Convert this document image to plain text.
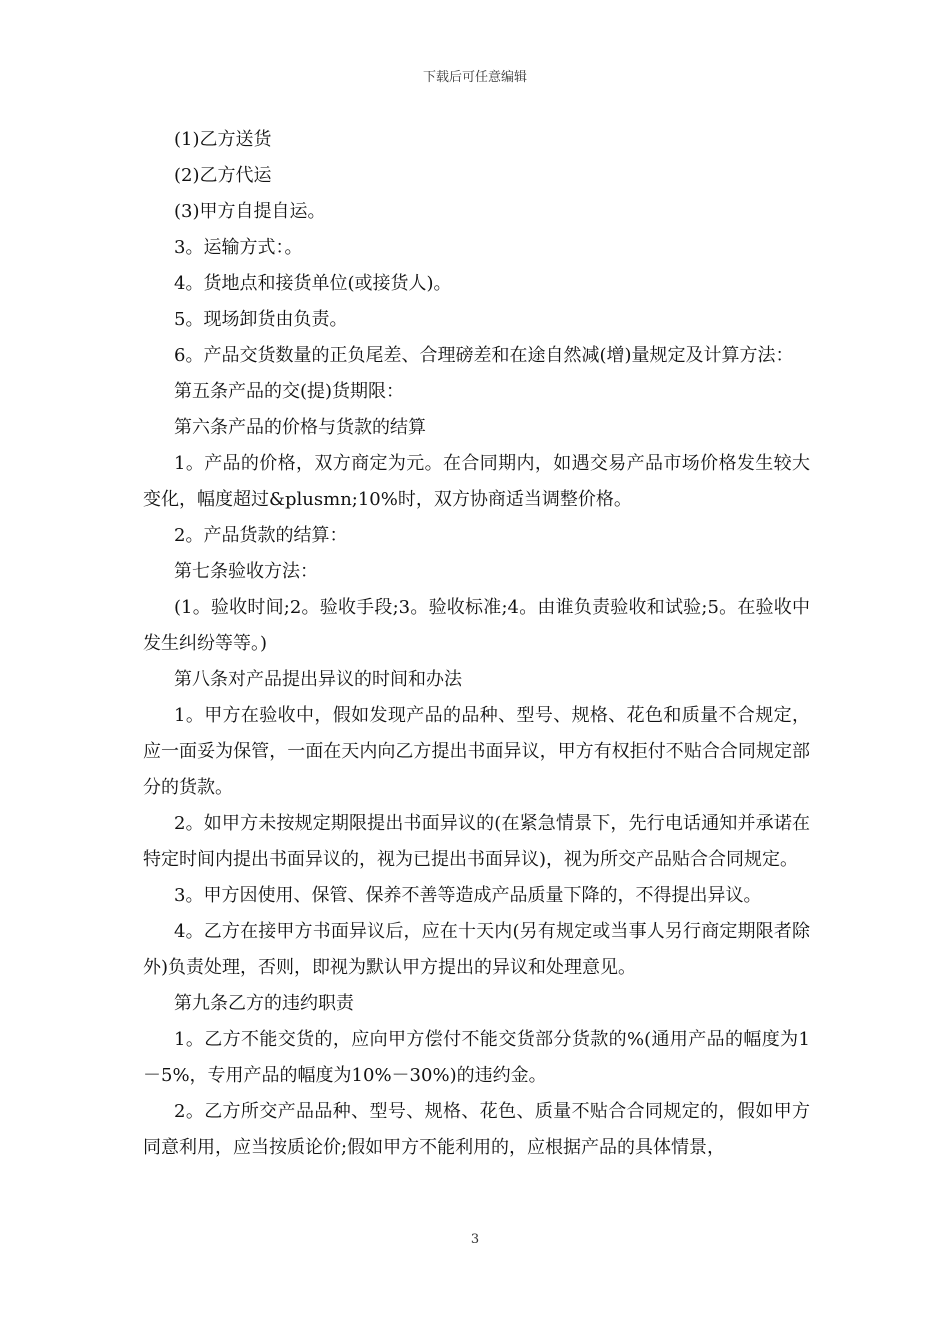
下载后可任意编辑

(1)乙方送货

(2)乙方代运

(3)甲方自提自运。

3。运输方式：。

4。货地点和接货单位(或接货人)。

5。现场卸货由负责。

6。产品交货数量的正负尾差、合理磅差和在途自然减(增)量规定及计算方法：

第五条产品的交(提)货期限：

第六条产品的价格与货款的结算

1。产品的价格，双方商定为元。在合同期内，如遇交易产品市场价格发生较大变化，幅度超过&plusmn;10%时，双方协商适当调整价格。

2。产品货款的结算：

第七条验收方法：

(1。验收时间;2。验收手段;3。验收标准;4。由谁负责验收和试验;5。在验收中发生纠纷等等。)

第八条对产品提出异议的时间和办法

1。甲方在验收中，假如发现产品的品种、型号、规格、花色和质量不合规定，应一面妥为保管，一面在天内向乙方提出书面异议，甲方有权拒付不贴合合同规定部分的货款。

2。如甲方未按规定期限提出书面异议的(在紧急情景下，先行电话通知并承诺在特定时间内提出书面异议的，视为已提出书面异议)，视为所交产品贴合合同规定。

3。甲方因使用、保管、保养不善等造成产品质量下降的，不得提出异议。

4。乙方在接甲方书面异议后，应在十天内(另有规定或当事人另行商定期限者除外)负责处理，否则，即视为默认甲方提出的异议和处理意见。

第九条乙方的违约职责

1。乙方不能交货的，应向甲方偿付不能交货部分货款的%(通用产品的幅度为1－5%，专用产品的幅度为10%－30%)的违约金。

2。乙方所交产品品种、型号、规格、花色、质量不贴合合同规定的，假如甲方同意利用，应当按质论价;假如甲方不能利用的，应根据产品的具体情景，

3
